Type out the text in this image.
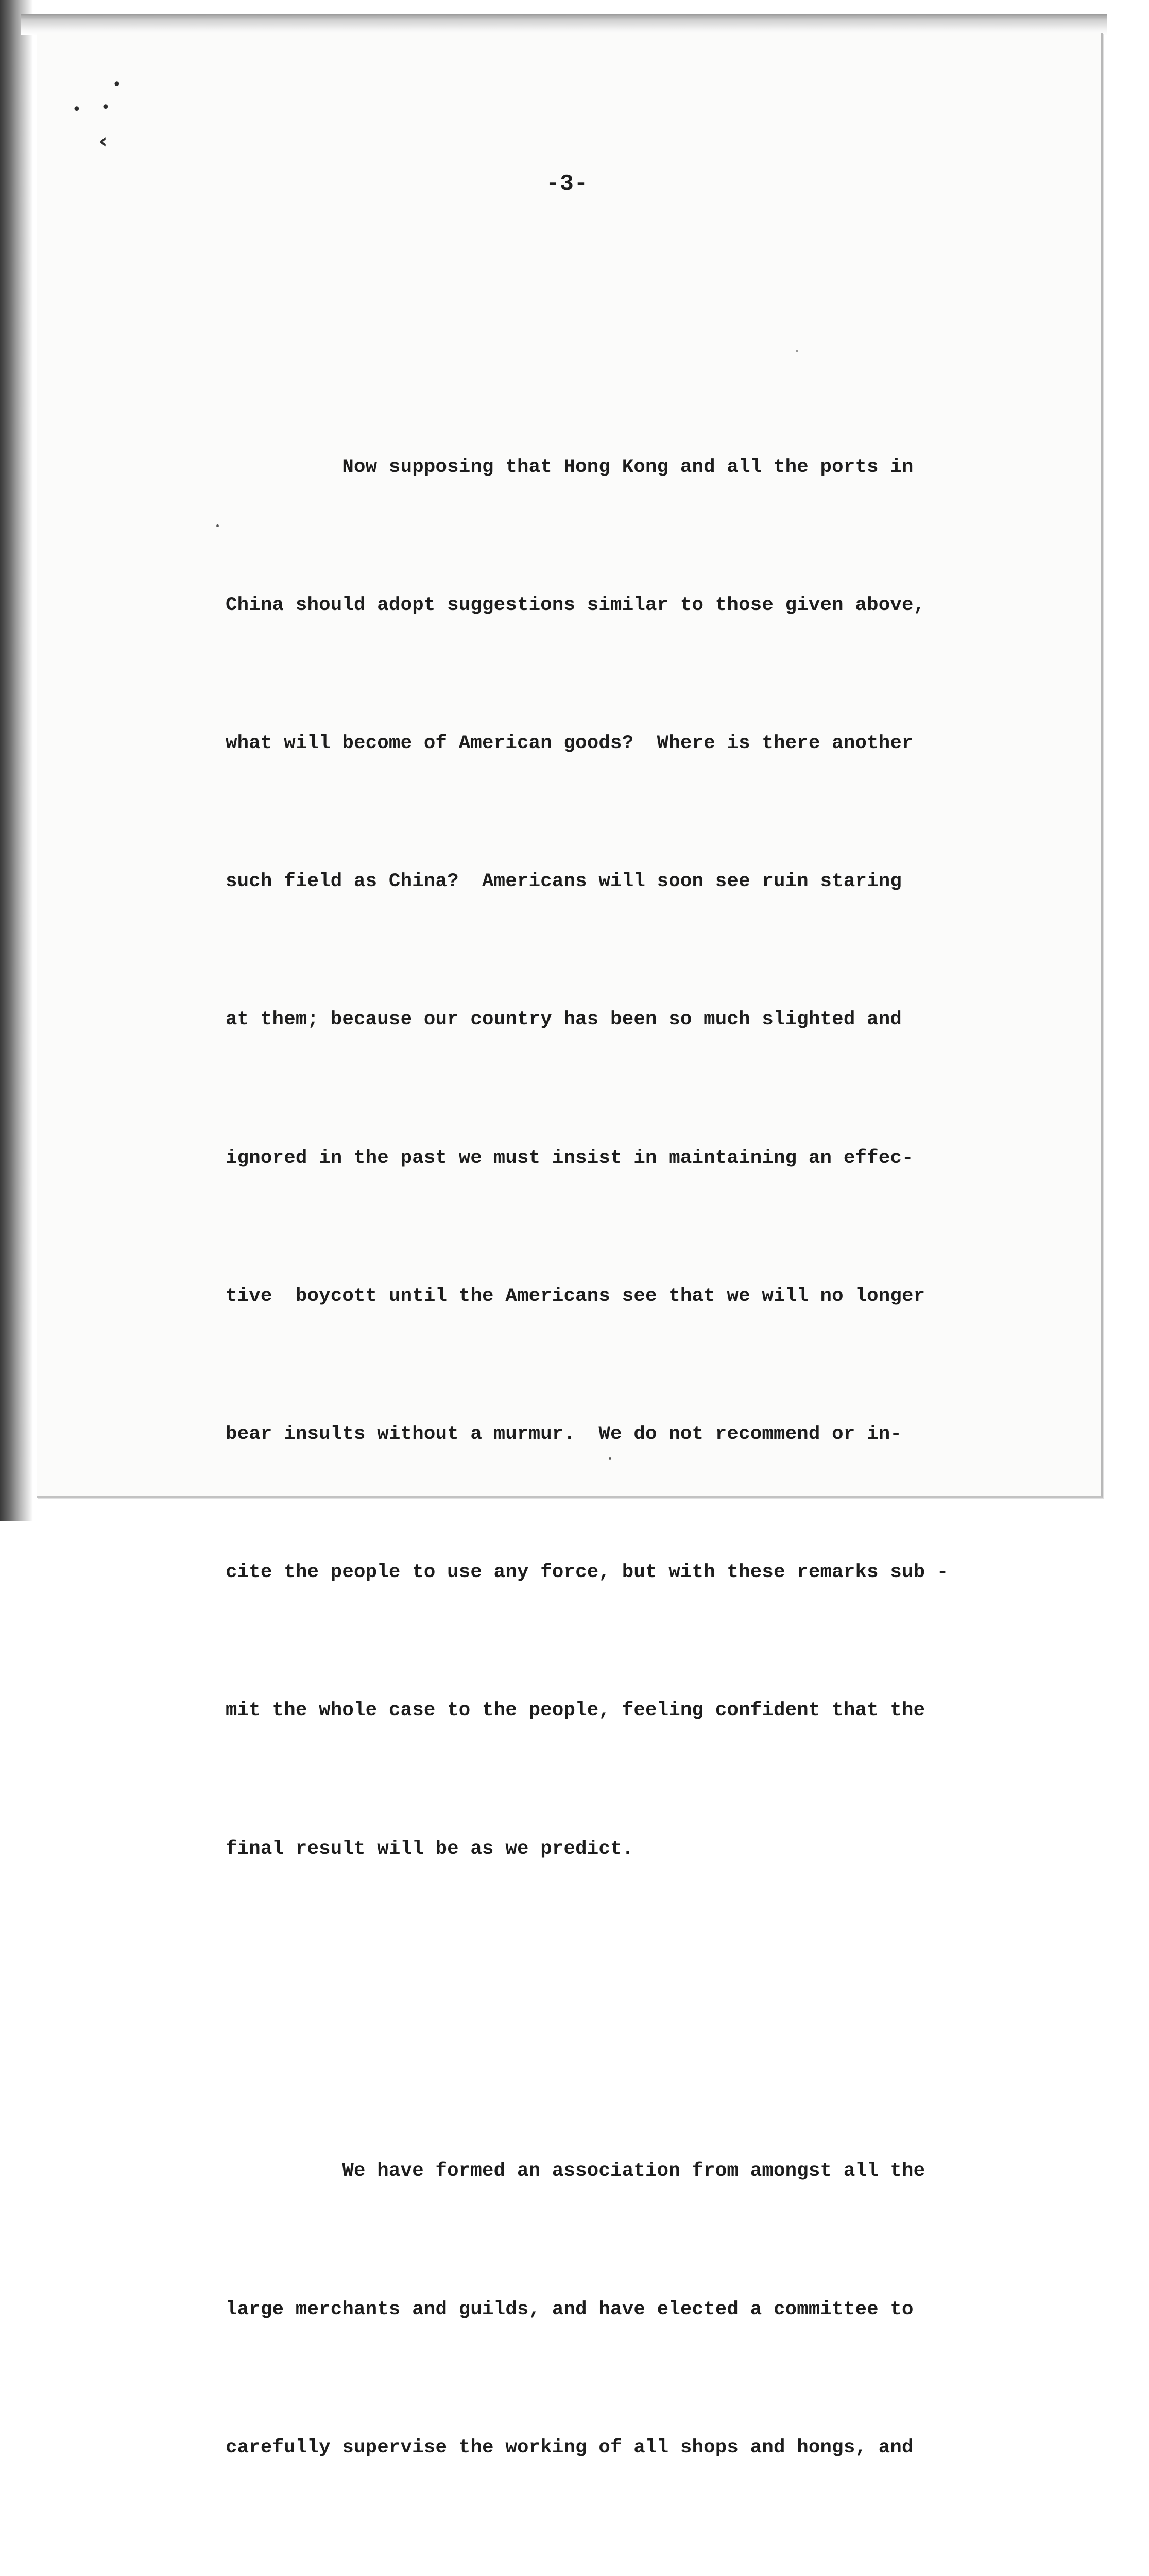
•
• •
‹
-3-

Now supposing that Hong Kong and all the ports in

China should adopt suggestions similar to those given above,

what will become of American goods?  Where is there another

such field as China?  Americans will soon see ruin staring

at them; because our country has been so much slighted and

ignored in the past we must insist in maintaining an effec-

tive  boycott until the Americans see that we will no longer

bear insults without a murmur.  We do not recommend or in-

cite the people to use any force, but with these remarks sub -

mit the whole case to the people, feeling confident that the

final result will be as we predict.

We have formed an association from amongst all the

large merchants and guilds, and have elected a committee to

carefully supervise the working of all shops and hongs, and
